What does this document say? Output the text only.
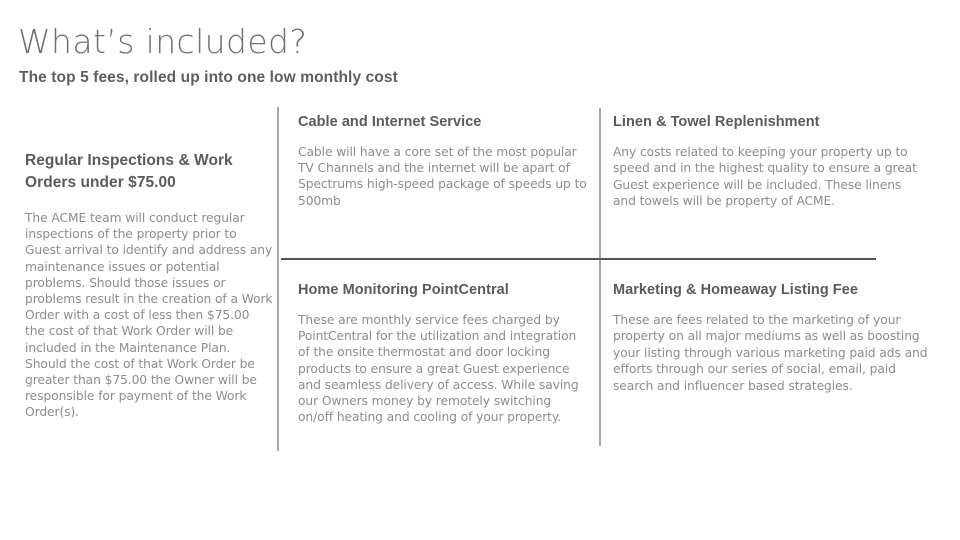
What’s included?
The top 5 fees, rolled up into one low monthly cost
Regular Inspections & Work Orders under $75.00

The ACME team will conduct regular inspections of the property prior to Guest arrival to identify and address any maintenance issues or potential problems. Should those issues or problems result in the creation of a Work Order with a cost of less then $75.00 the cost of that Work Order will be included in the Maintenance Plan. Should the cost of that Work Order be greater than $75.00 the Owner will be responsible for payment of the Work Order(s).

Cable and Internet Service

Cable will have a core set of the most popular TV Channels and the internet will be apart of Spectrums high-speed package of speeds up to 500mb

Linen & Towel Replenishment

Any costs related to keeping your property up to speed and in the highest quality to ensure a great Guest experience will be included. These linens and towels will be property of ACME.

Home Monitoring PointCentral

These are monthly service fees charged by PointCentral for the utilization and integration of the onsite thermostat and door locking products to ensure a great Guest experience and seamless delivery of access. While saving our Owners money by remotely switching on/off heating and cooling of your property.

Marketing & Homeaway Listing Fee

These are fees related to the marketing of your property on all major mediums as well as boosting your listing through various marketing paid ads and efforts through our series of social, email, paid search and influencer based strategies.
